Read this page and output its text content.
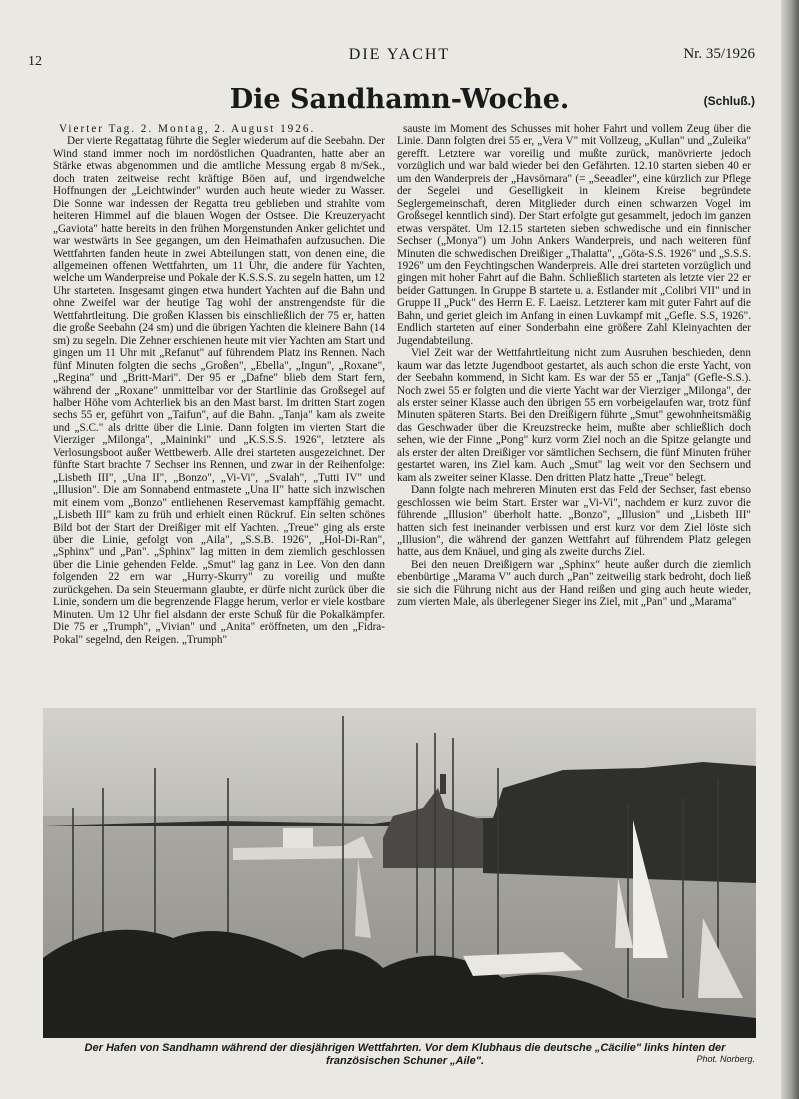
12	DIE YACHT	Nr. 35/1926
Die Sandhamn-Woche.	(Schluß.)

Vierter Tag. 2. Montag, 2. August 1926.

Der vierte Regattatag führte die Segler wiederum auf die Seebahn. Der Wind stand immer noch im nordöstlichen Quadranten, hatte aber an Stärke etwas abgenommen und die amtliche Messung ergab 8 m/Sek., doch traten zeitweise recht kräftige Böen auf, und irgendwelche Hoffnungen der „Leichtwinder" wurden auch heute wieder zu Wasser. Die Sonne war indessen der Regatta treu geblieben und strahlte vom heiteren Himmel auf die blauen Wogen der Ostsee. Die Kreuzeryacht „Gaviota" hatte bereits in den frühen Morgenstunden Anker gelichtet und war westwärts in See gegangen, um den Heimathafen aufzusuchen. Die Wettfahrten fanden heute in zwei Abteilungen statt, von denen eine, die allgemeinen offenen Wettfahrten, um 11 Uhr, die andere für Yachten, welche um Wanderpreise und Pokale der K.S.S.S. zu segeln hatten, um 12 Uhr starteten. Insgesamt gingen etwa hundert Yachten auf die Bahn und ohne Zweifel war der heutige Tag wohl der anstrengendste für die Wettfahrtleitung. Die großen Klassen bis einschließlich der 75 er, hatten die große Seebahn (24 sm) und die übrigen Yachten die kleinere Bahn (14 sm) zu segeln. Die Zehner erschienen heute mit vier Yachten am Start und gingen um 11 Uhr mit „Refanut" auf führendem Platz ins Rennen. Nach fünf Minuten folgten die sechs „Großen", „Ebella", „Ingun", „Roxane", „Regina" und „Britt-Mari". Der 95 er „Dafne" blieb dem Start fern, während der „Roxane" unmittelbar vor der Startlinie das Großsegel auf halber Höhe vom Achterliek bis an den Mast barst. Im dritten Start zogen sechs 55 er, geführt von „Taifun", auf die Bahn. „Tanja" kam als zweite und „S.C." als dritte über die Linie. Dann folgten im vierten Start die Vierziger „Milonga", „Maininki" und „K.S.S.S. 1926", letztere als Verlosungsboot außer Wettbewerb. Alle drei starteten ausgezeichnet. Der fünfte Start brachte 7 Sechser ins Rennen, und zwar in der Reihenfolge: „Lisbeth III", „Una II", „Bonzo", „Vi-Vi", „Svalah", „Tutti IV" und „Illusion". Die am Sonnabend entmastete „Una II" hatte sich inzwischen mit einem vom „Bonzo" entliehenen Reservemast kampffähig gemacht. „Lisbeth III" kam zu früh und erhielt einen Rückruf. Ein selten schönes Bild bot der Start der Dreißiger mit elf Yachten. „Treue" ging als erste über die Linie, gefolgt von „Aila", „S.S.B. 1926", „Hol-Di-Ran", „Sphinx" und „Pan". „Sphinx" lag mitten in dem ziemlich geschlossen über die Linie gehenden Felde. „Smut" lag ganz in Lee. Von den dann folgenden 22 ern war „Hurry-Skurry" zu voreilig und mußte zurückgehen. Da sein Steuermann glaubte, er dürfe nicht zurück über die Linie, sondern um die begrenzende Flagge herum, verlor er viele kostbare Minuten. Um 12 Uhr fiel alsdann der erste Schuß für die Pokalkämpfer. Die 75 er „Trumph", „Vivian" und „Anita" eröffneten, um den „Fidra-Pokal" segelnd, den Reigen. „Trumph"

sauste im Moment des Schusses mit hoher Fahrt und vollem Zeug über die Linie. Dann folgten drei 55 er, „Vera V" mit Vollzeug, „Kullan" und „Zuleika" gerefft. Letztere war voreilig und mußte zurück, manövrierte jedoch vorzüglich und war bald wieder bei den Gefährten. 12.10 starten sieben 40 er um den Wanderpreis der „Havsörnara" (= „Seeadler", eine kürzlich zur Pflege der Segelei und Geselligkeit in kleinem Kreise begründete Seglergemeinschaft, deren Mitglieder durch einen schwarzen Vogel im Großsegel kenntlich sind). Der Start erfolgte gut gesammelt, jedoch im ganzen etwas verspätet. Um 12.15 starteten sieben schwedische und ein finnischer Sechser („Monya") um John Ankers Wanderpreis, und nach weiteren fünf Minuten die schwedischen Dreißiger „Thalatta", „Göta-S.S. 1926" und „S.S.S. 1926" um den Feychtingschen Wanderpreis. Alle drei starteten vorzüglich und gingen mit hoher Fahrt auf die Bahn. Schließlich starteten als letzte vier 22 er beider Gattungen. In Gruppe B startete u. a. Estlander mit „Colibri VII" und in Gruppe II „Puck" des Herrn E. F. Laeisz. Letzterer kam mit guter Fahrt auf die Bahn, und geriet gleich im Anfang in einen Luvkampf mit „Gefle. S.S, 1926". Endlich starteten auf einer Sonderbahn eine größere Zahl Kleinyachten der Jugendabteilung.

Viel Zeit war der Wettfahrtleitung nicht zum Ausruhen beschieden, denn kaum war das letzte Jugendboot gestartet, als auch schon die erste Yacht, von der Seebahn kommend, in Sicht kam. Es war der 55 er „Tanja" (Gefle-S.S.). Noch zwei 55 er folgten und die vierte Yacht war der Vierziger „Milonga", der als erster seiner Klasse auch den übrigen 55 ern vorbeigelaufen war, trotz fünf Minuten späteren Starts. Bei den Dreißigern führte „Smut" gewohnheitsmäßig das Geschwader über die Kreuzstrecke heim, mußte aber schließlich doch sehen, wie der Finne „Pong" kurz vorm Ziel noch an die Spitze gelangte und als erster der alten Dreißiger vor sämtlichen Sechsern, die fünf Minuten früher gestartet waren, ins Ziel kam. Auch „Smut" lag weit vor den Sechsern und kam als zweiter seiner Klasse. Den dritten Platz hatte „Treue" belegt.

Dann folgte nach mehreren Minuten erst das Feld der Sechser, fast ebenso geschlossen wie beim Start. Erster war „Vi-Vi", nachdem er kurz zuvor die führende „Illusion" überholt hatte. „Bonzo", „Illusion" und „Lisbeth III" hatten sich fest ineinander verbissen und erst kurz vor dem Ziel löste sich „Illusion", die während der ganzen Wettfahrt auf führendem Platz gelegen hatte, aus dem Knäuel, und ging als zweite durchs Ziel.

Bei den neuen Dreißigern war „Sphinx" heute außer durch die ziemlich ebenbürtige „Marama V" auch durch „Pan" zeitweilig stark bedroht, doch ließ sie sich die Führung nicht aus der Hand reißen und ging auch heute wieder, zum vierten Male, als überlegener Sieger ins Ziel, mit „Pan" und „Marama"

Der Hafen von Sandhamn während der diesjährigen Wettfahrten. Vor dem Klubhaus die deutsche „Cäcilie" links hinten der französischen Schuner „Aile".	Phot. Norberg.
